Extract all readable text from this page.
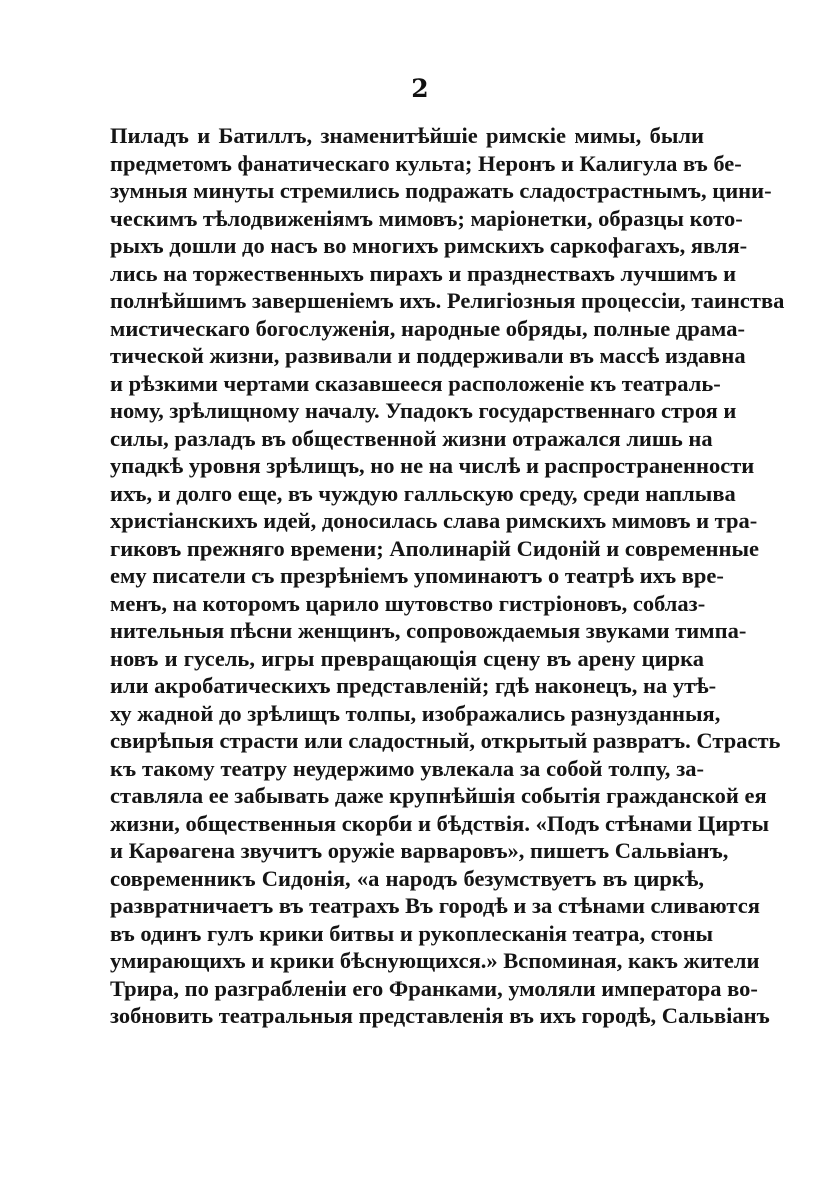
2
Пиладъ и Батиллъ, знаменитѣйшіе римскіе мимы, были
предметомъ фанатическаго культа; Неронъ и Калигула въ бе-
зумныя минуты стремились подражать сладострастнымъ, цини-
ческимъ тѣлодвиженіямъ мимовъ; маріонетки, образцы кото-
рыхъ дошли до насъ во многихъ римскихъ саркофагахъ, явля-
лись на торжественныхъ пирахъ и празднествахъ лучшимъ и
полнѣйшимъ завершеніемъ ихъ. Религіозныя процессіи, таинства
мистическаго богослуженія, народные обряды, полные драма-
тической жизни, развивали и поддерживали въ массѣ издавна
и рѣзкими чертами сказавшееся расположеніе къ театраль-
ному, зрѣлищному началу. Упадокъ государственнаго строя и
силы, разладъ въ общественной жизни отражался лишь на
упадкѣ уровня зрѣлищъ, но не на числѣ и распространенности
ихъ, и долго еще, въ чуждую галльскую среду, среди наплыва
христіанскихъ идей, доносилась слава римскихъ мимовъ и тра-
гиковъ прежняго времени; Аполинарій Сидоній и современные
ему писатели съ презрѣніемъ упоминаютъ о театрѣ ихъ вре-
менъ, на которомъ царило шутовство гистріоновъ, соблаз-
нительныя пѣсни женщинъ, сопровождаемыя звуками тимпа-
новъ и гусель, игры превращающія сцену въ арену цирка
или акробатическихъ представленій; гдѣ наконецъ, на утѣ-
ху жадной до зрѣлищъ толпы, изображались разнузданныя,
свирѣпыя страсти или сладостный, открытый развратъ. Страсть
къ такому театру неудержимо увлекала за собой толпу, за-
ставляла ее забывать даже крупнѣйшія событія гражданской ея
жизни, общественныя скорби и бѣдствія. «Подъ стѣнами Цирты
и Карѳагена звучитъ оружіе варваровъ», пишетъ Сальвіанъ,
современникъ Сидонія, «а народъ безумствуетъ въ циркѣ,
развратничаетъ въ театрахъ Въ городѣ и за стѣнами сливаются
въ одинъ гулъ крики битвы и рукоплесканія театра, стоны
умирающихъ и крики бѣснующихся.» Вспоминая, какъ жители
Трира, по разграбленіи его Франками, умоляли императора во-
зобновить театральныя представленія въ ихъ городѣ, Сальвіанъ
